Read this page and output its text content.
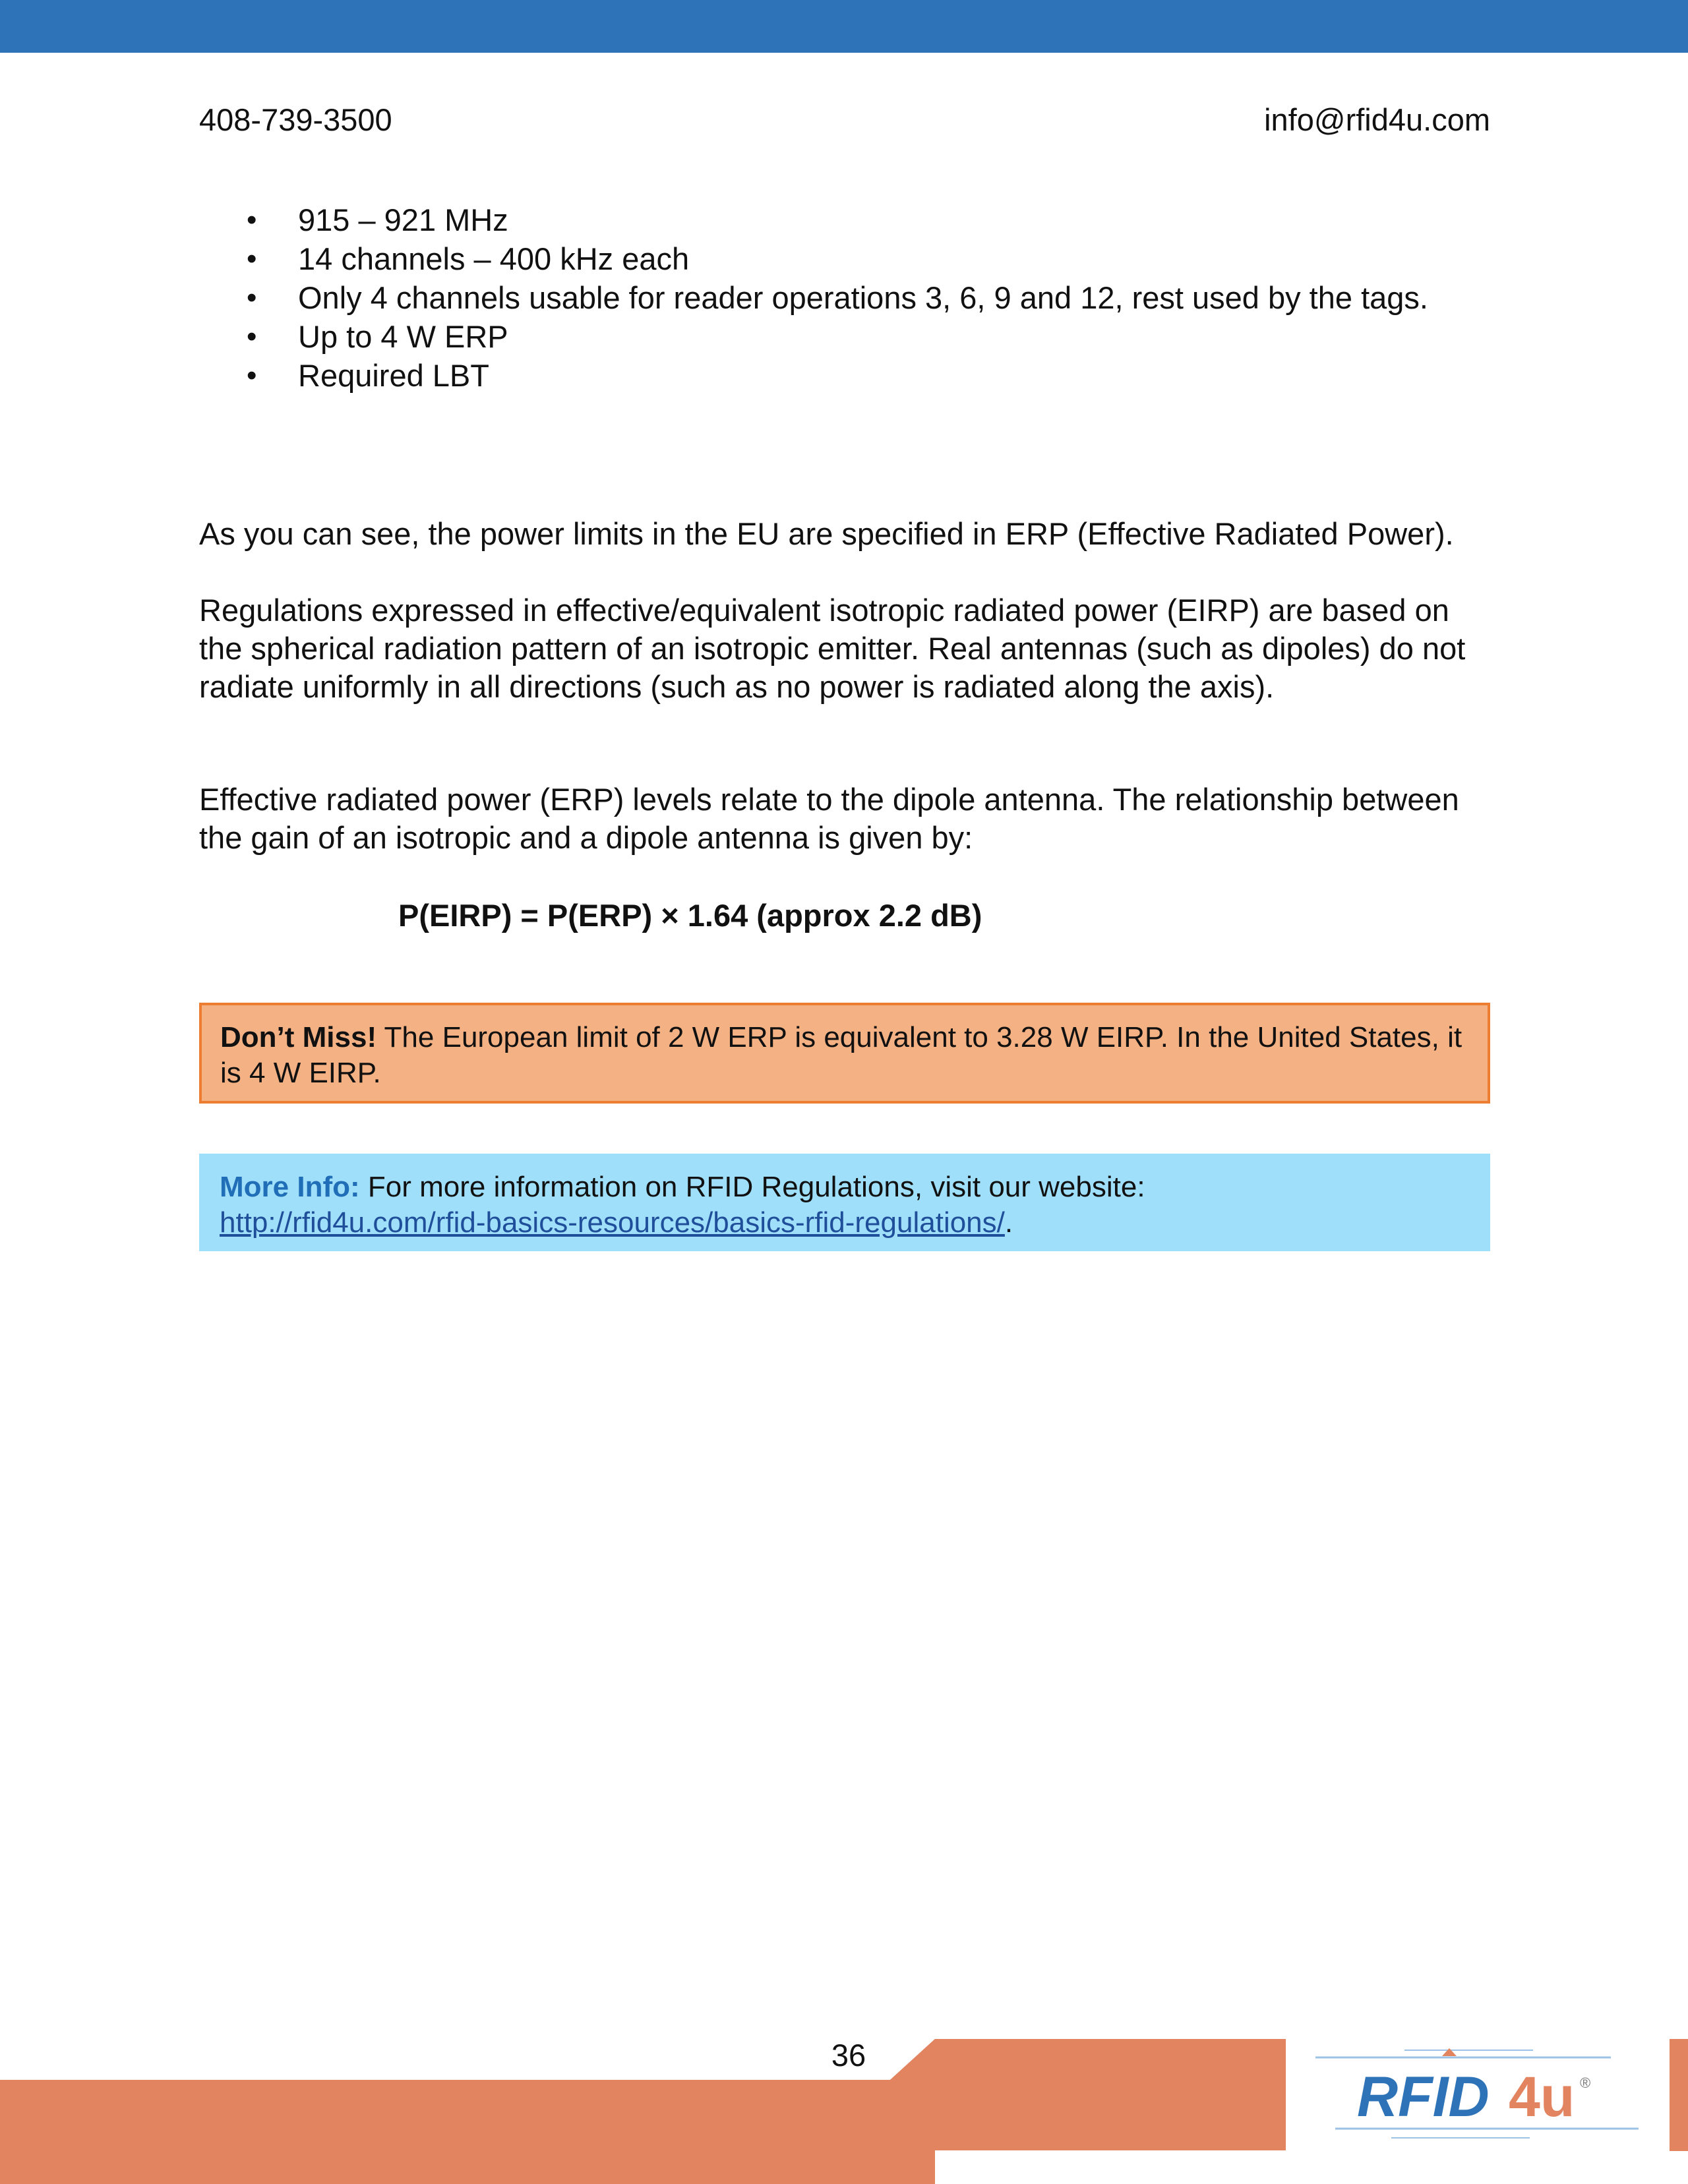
408-739-3500	info@rfid4u.com
• 915 – 921 MHz
• 14 channels – 400 kHz each
• Only 4 channels usable for reader operations 3, 6, 9 and 12, rest used by the tags.
• Up to 4 W ERP
• Required LBT

As you can see, the power limits in the EU are specified in ERP (Effective Radiated Power).

Regulations expressed in effective/equivalent isotropic radiated power (EIRP) are based on the spherical radiation pattern of an isotropic emitter. Real antennas (such as dipoles) do not radiate uniformly in all directions (such as no power is radiated along the axis).

Effective radiated power (ERP) levels relate to the dipole antenna. The relationship between the gain of an isotropic and a dipole antenna is given by:

P(EIRP) = P(ERP) × 1.64 (approx 2.2 dB)
Don’t Miss! The European limit of 2 W ERP is equivalent to 3.28 W EIRP. In the United States, it is 4 W EIRP.
More Info: For more information on RFID Regulations, visit our website:
http://rfid4u.com/rfid-basics-resources/basics-rfid-regulations/.
36
RFID 4u ®
